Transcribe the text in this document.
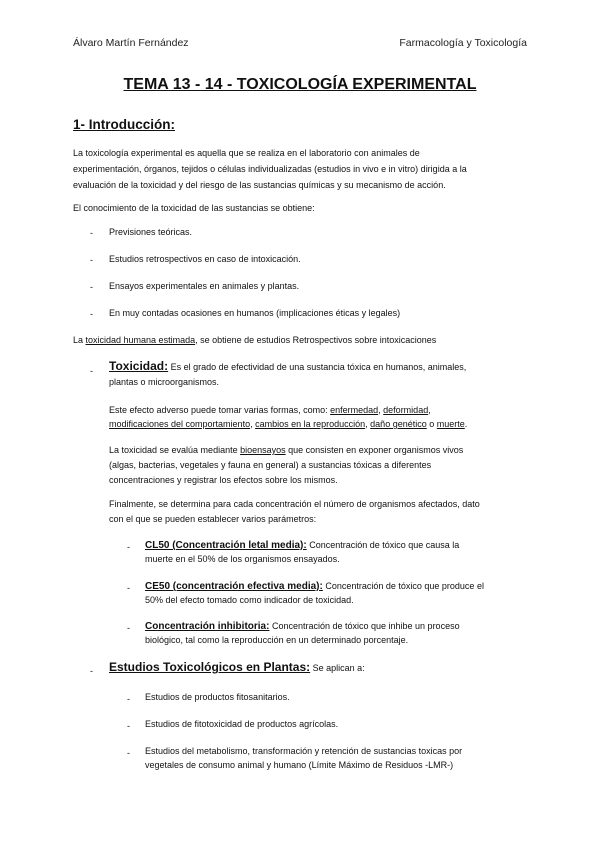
Álvaro Martín Fernández	Farmacología y Toxicología
TEMA 13 - 14 - TOXICOLOGÍA EXPERIMENTAL
1- Introducción:

La toxicología experimental es aquella que se realiza en el laboratorio con animales de

experimentación, órganos, tejidos o células individualizadas (estudios in vivo e in vitro) dirigida a la

evaluación de la toxicidad y del riesgo de las sustancias químicas y su mecanismo de acción.

El conocimiento de la toxicidad de las sustancias se obtiene:

- Previsiones teóricas.

- Estudios retrospectivos en caso de intoxicación.

- Ensayos experimentales en animales y plantas.

- En muy contadas ocasiones en humanos (implicaciones éticas y legales)

La toxicidad humana estimada, se obtiene de estudios Retrospectivos sobre intoxicaciones

- Toxicidad: Es el grado de efectividad de una sustancia tóxica en humanos, animales,

plantas o microorganismos.

Este efecto adverso puede tomar varias formas, como: enfermedad, deformidad,

modificaciones del comportamiento, cambios en la reproducción, daño genético o muerte.

La toxicidad se evalúa mediante bioensayos que consisten en exponer organismos vivos

(algas, bacterias, vegetales y fauna en general) a sustancias tóxicas a diferentes

concentraciones y registrar los efectos sobre los mismos.

Finalmente, se determina para cada concentración el número de organismos afectados, dato

con el que se pueden establecer varios parámetros:

- CL50 (Concentración letal media): Concentración de tóxico que causa la

muerte en el 50% de los organismos ensayados.

- CE50 (concentración efectiva media): Concentración de tóxico que produce el

50% del efecto tomado como indicador de toxicidad.

- Concentración inhibitoria: Concentración de tóxico que inhibe un proceso

biológico, tal como la reproducción en un determinado porcentaje.

- Estudios Toxicológicos en Plantas: Se aplican a:

- Estudios de productos fitosanitarios.

- Estudios de fitotoxicidad de productos agrícolas.

- Estudios del metabolismo, transformación y retención de sustancias toxicas por

vegetales de consumo animal y humano (Límite Máximo de Residuos -LMR-)
